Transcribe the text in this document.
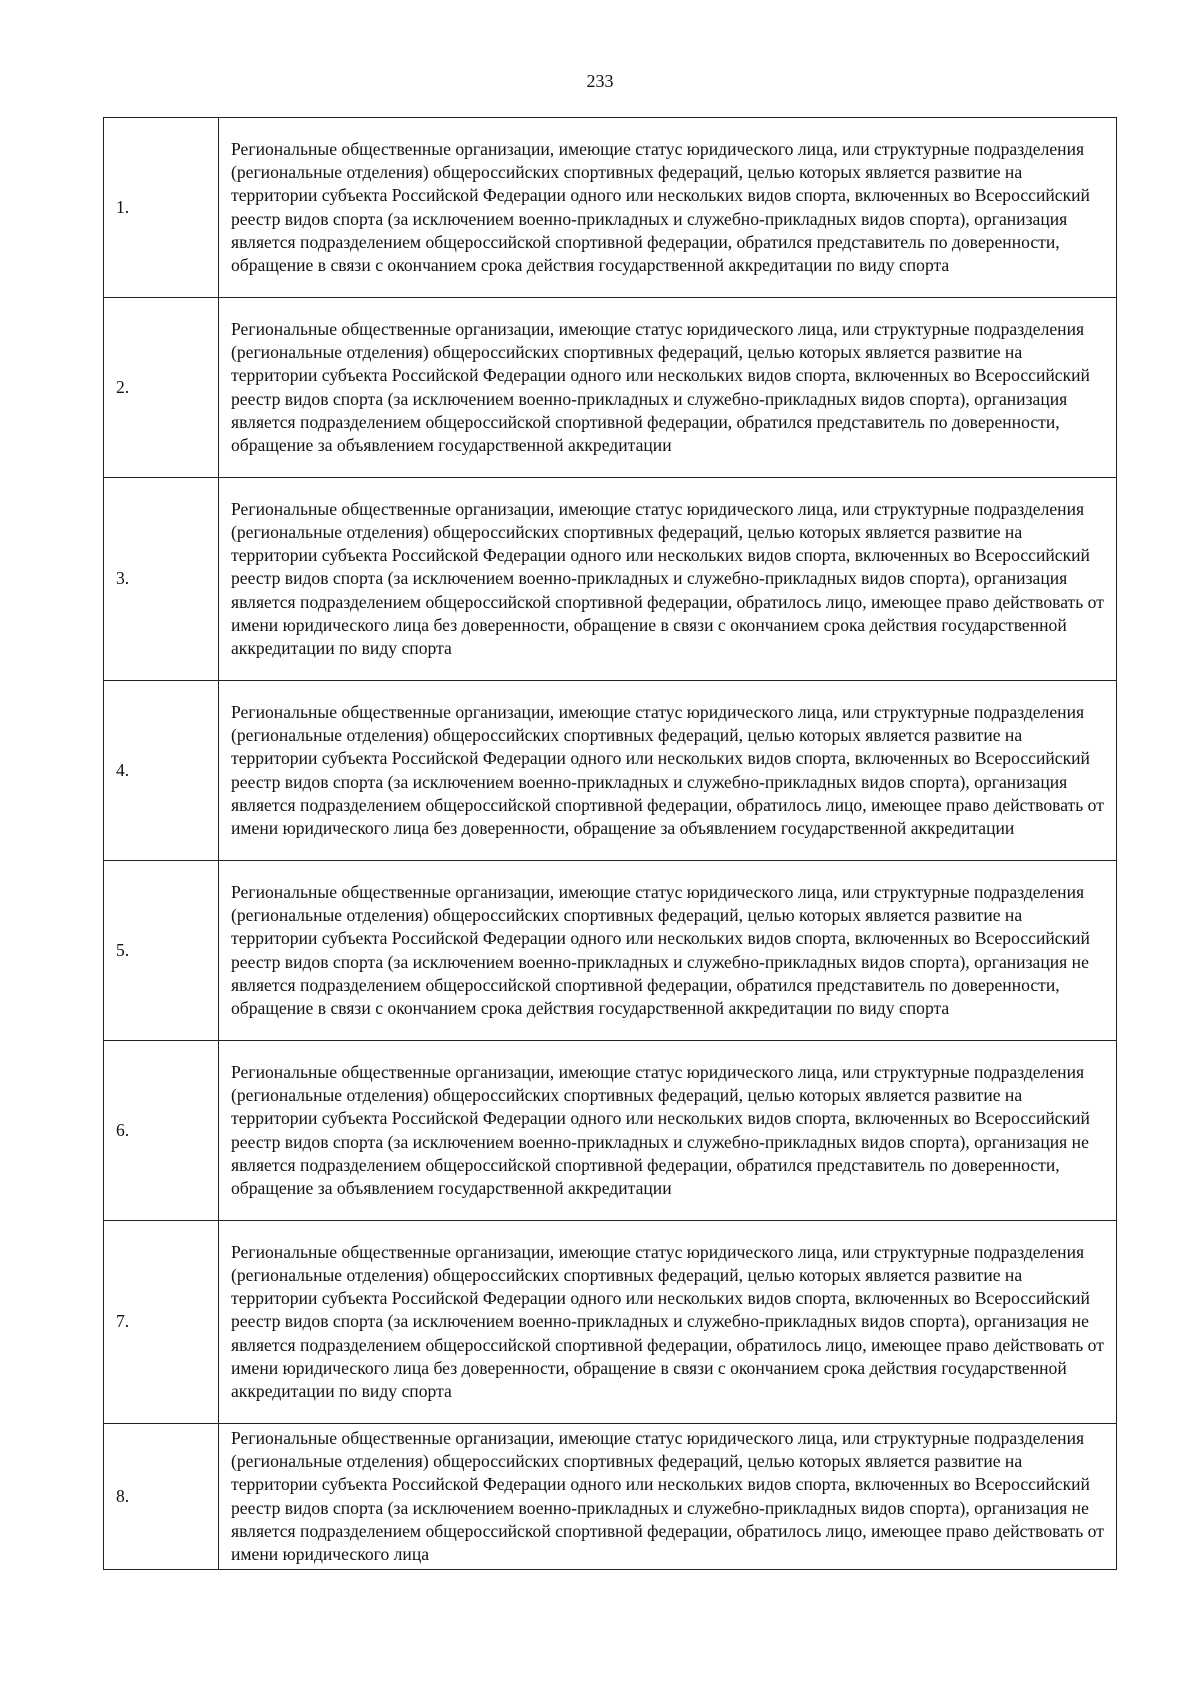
233
1.	Региональные общественные организации, имеющие статус юридического лица, или структурные подразделения (региональные отделения) общероссийских спортивных федераций, целью которых является развитие на территории субъекта Российской Федерации одного или нескольких видов спорта, включенных во Всероссийский реестр видов спорта (за исключением военно-прикладных и служебно-прикладных видов спорта), организация является подразделением общероссийской спортивной федерации, обратился представитель по доверенности, обращение в связи с окончанием срока действия государственной аккредитации по виду спорта
2.	Региональные общественные организации, имеющие статус юридического лица, или структурные подразделения (региональные отделения) общероссийских спортивных федераций, целью которых является развитие на территории субъекта Российской Федерации одного или нескольких видов спорта, включенных во Всероссийский реестр видов спорта (за исключением военно-прикладных и служебно-прикладных видов спорта), организация является подразделением общероссийской спортивной федерации, обратился представитель по доверенности, обращение за объявлением государственной аккредитации
3.	Региональные общественные организации, имеющие статус юридического лица, или структурные подразделения (региональные отделения) общероссийских спортивных федераций, целью которых является развитие на территории субъекта Российской Федерации одного или нескольких видов спорта, включенных во Всероссийский реестр видов спорта (за исключением военно-прикладных и служебно-прикладных видов спорта), организация является подразделением общероссийской спортивной федерации, обратилось лицо, имеющее право действовать от имени юридического лица без доверенности, обращение в связи с окончанием срока действия государственной аккредитации по виду спорта
4.	Региональные общественные организации, имеющие статус юридического лица, или структурные подразделения (региональные отделения) общероссийских спортивных федераций, целью которых является развитие на территории субъекта Российской Федерации одного или нескольких видов спорта, включенных во Всероссийский реестр видов спорта (за исключением военно-прикладных и служебно-прикладных видов спорта), организация является подразделением общероссийской спортивной федерации, обратилось лицо, имеющее право действовать от имени юридического лица без доверенности, обращение за объявлением государственной аккредитации
5.	Региональные общественные организации, имеющие статус юридического лица, или структурные подразделения (региональные отделения) общероссийских спортивных федераций, целью которых является развитие на территории субъекта Российской Федерации одного или нескольких видов спорта, включенных во Всероссийский реестр видов спорта (за исключением военно-прикладных и служебно-прикладных видов спорта), организация не является подразделением общероссийской спортивной федерации, обратился представитель по доверенности, обращение в связи с окончанием срока действия государственной аккредитации по виду спорта
6.	Региональные общественные организации, имеющие статус юридического лица, или структурные подразделения (региональные отделения) общероссийских спортивных федераций, целью которых является развитие на территории субъекта Российской Федерации одного или нескольких видов спорта, включенных во Всероссийский реестр видов спорта (за исключением военно-прикладных и служебно-прикладных видов спорта), организация не является подразделением общероссийской спортивной федерации, обратился представитель по доверенности, обращение за объявлением государственной аккредитации
7.	Региональные общественные организации, имеющие статус юридического лица, или структурные подразделения (региональные отделения) общероссийских спортивных федераций, целью которых является развитие на территории субъекта Российской Федерации одного или нескольких видов спорта, включенных во Всероссийский реестр видов спорта (за исключением военно-прикладных и служебно-прикладных видов спорта), организация не является подразделением общероссийской спортивной федерации, обратилось лицо, имеющее право действовать от имени юридического лица без доверенности, обращение в связи с окончанием срока действия государственной аккредитации по виду спорта
8.	Региональные общественные организации, имеющие статус юридического лица, или структурные подразделения (региональные отделения) общероссийских спортивных федераций, целью которых является развитие на территории субъекта Российской Федерации одного или нескольких видов спорта, включенных во Всероссийский реестр видов спорта (за исключением военно-прикладных и служебно-прикладных видов спорта), организация не является подразделением общероссийской спортивной федерации, обратилось лицо, имеющее право действовать от имени юридического лица
